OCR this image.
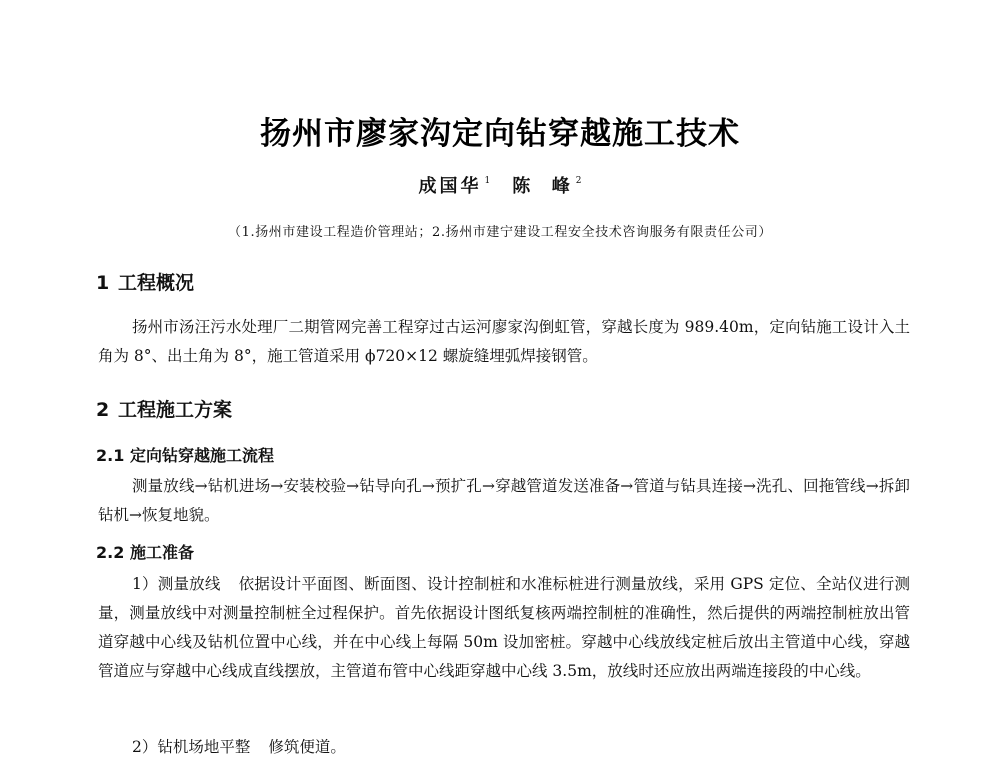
扬州市廖家沟定向钻穿越施工技术
成国华 $^1$ 陈  峰 $^2$
（1.扬州市建设工程造价管理站；2.扬州市建宁建设工程安全技术咨询服务有限责任公司）
1 工程概况

扬州市汤汪污水处理厂二期管网完善工程穿过古运河廖家沟倒虹管，穿越长度为 989.40m，定向钻施工设计入土角为 8°、出土角为 8°，施工管道采用 ϕ720×12 螺旋缝埋弧焊接钢管。

2 工程施工方案
2.1 定向钻穿越施工流程

测量放线→钻机进场→安装校验→钻导向孔→预扩孔→穿越管道发送准备→管道与钻具连接→洗孔、回拖管线→拆卸钻机→恢复地貌。

2.2 施工准备

1）测量放线 依据设计平面图、断面图、设计控制桩和水准标桩进行测量放线，采用 GPS 定位、全站仪进行测量，测量放线中对测量控制桩全过程保护。首先依据设计图纸复核两端控制桩的准确性，然后提供的两端控制桩放出管道穿越中心线及钻机位置中心线，并在中心线上每隔 50m 设加密桩。穿越中心线放线定桩后放出主管道中心线，穿越管道应与穿越中心线成直线摆放，主管道布管中心线距穿越中心线 3.5m，放线时还应放出两端连接段的中心线。

2）钻机场地平整 修筑便道。
